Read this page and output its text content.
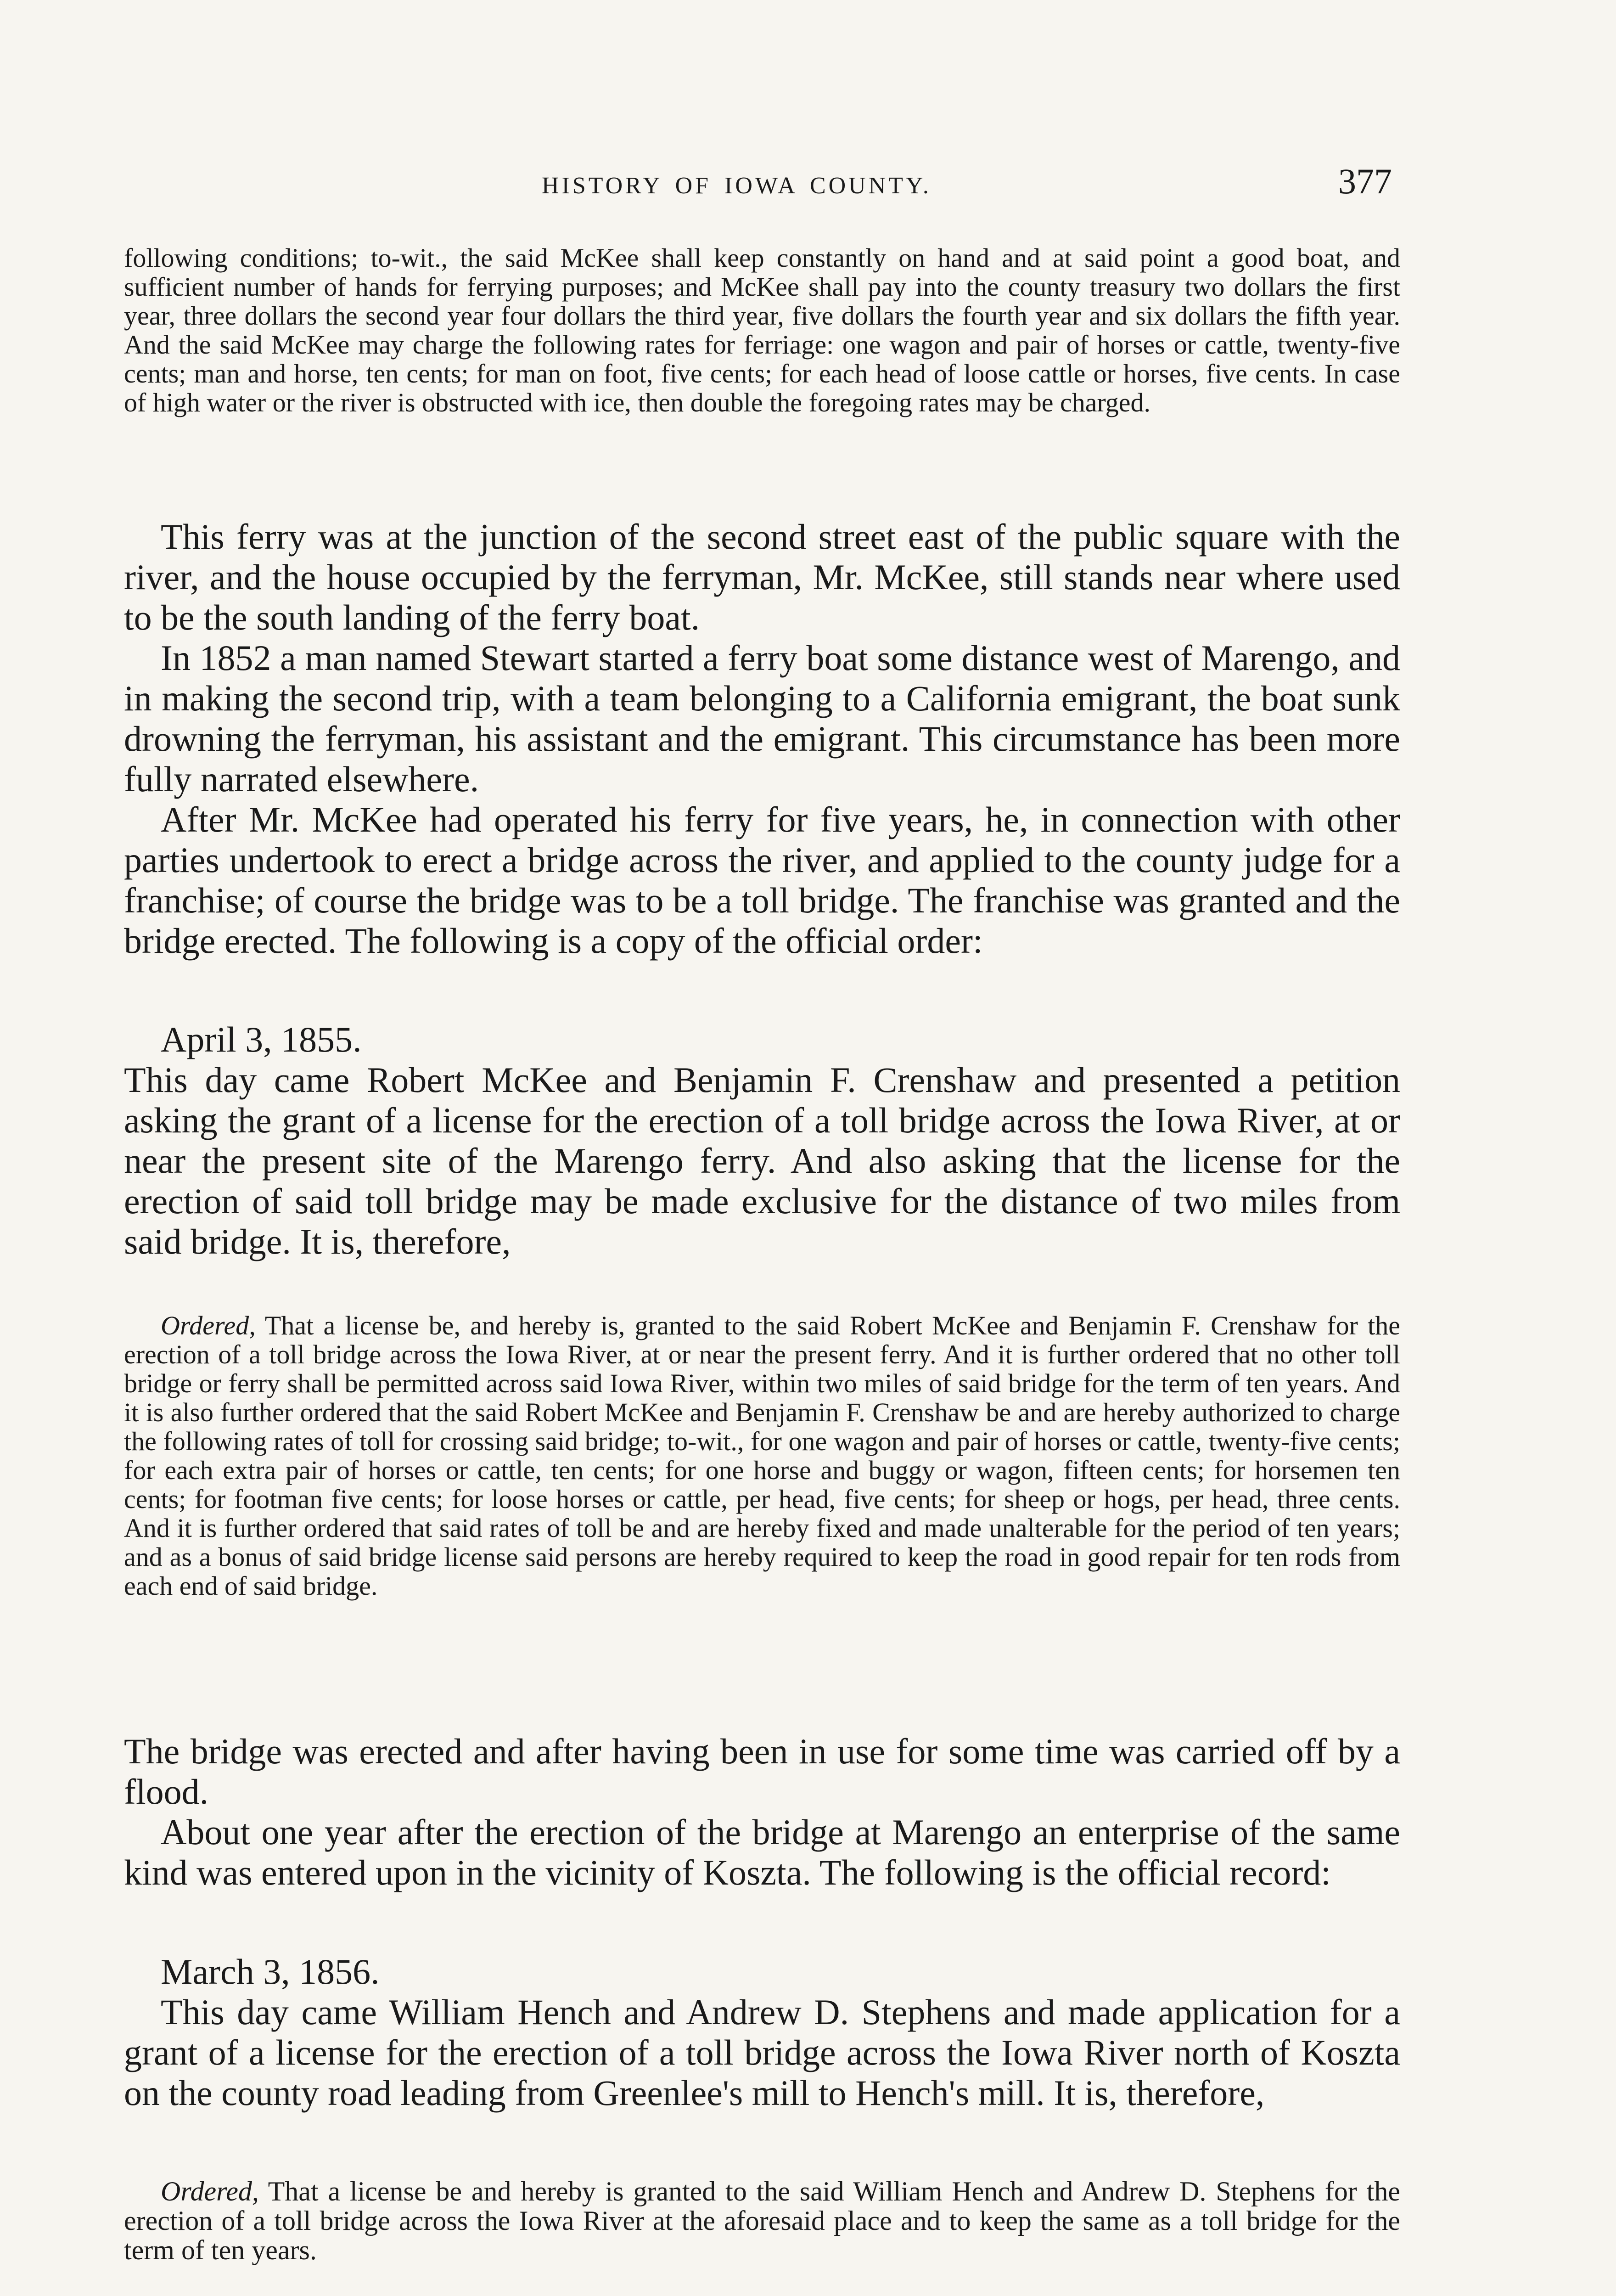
HISTORY OF IOWA COUNTY.	377

following conditions; to-wit., the said McKee shall keep constantly on hand and at said point a good boat, and sufficient number of hands for ferrying purposes; and McKee shall pay into the county treasury two dollars the first year, three dollars the second year four dollars the third year, five dollars the fourth year and six dollars the fifth year. And the said McKee may charge the following rates for ferriage: one wagon and pair of horses or cattle, twenty-five cents; man and horse, ten cents; for man on foot, five cents; for each head of loose cattle or horses, five cents. In case of high water or the river is obstructed with ice, then double the foregoing rates may be charged.

This ferry was at the junction of the second street east of the public square with the river, and the house occupied by the ferryman, Mr. McKee, still stands near where used to be the south landing of the ferry boat.

In 1852 a man named Stewart started a ferry boat some distance west of Marengo, and in making the second trip, with a team belonging to a California emigrant, the boat sunk drowning the ferryman, his assistant and the emigrant. This circumstance has been more fully narrated elsewhere.

After Mr. McKee had operated his ferry for five years, he, in connection with other parties undertook to erect a bridge across the river, and applied to the county judge for a franchise; of course the bridge was to be a toll bridge. The franchise was granted and the bridge erected. The following is a copy of the official order:

April 3, 1855.

This day came Robert McKee and Benjamin F. Crenshaw and presented a petition asking the grant of a license for the erection of a toll bridge across the Iowa River, at or near the present site of the Marengo ferry. And also asking that the license for the erection of said toll bridge may be made exclusive for the distance of two miles from said bridge. It is, therefore,

Ordered, That a license be, and hereby is, granted to the said Robert McKee and Benjamin F. Crenshaw for the erection of a toll bridge across the Iowa River, at or near the present ferry. And it is further ordered that no other toll bridge or ferry shall be permitted across said Iowa River, within two miles of said bridge for the term of ten years. And it is also further ordered that the said Robert McKee and Benjamin F. Crenshaw be and are hereby authorized to charge the following rates of toll for crossing said bridge; to-wit., for one wagon and pair of horses or cattle, twenty-five cents; for each extra pair of horses or cattle, ten cents; for one horse and buggy or wagon, fifteen cents; for horsemen ten cents; for footman five cents; for loose horses or cattle, per head, five cents; for sheep or hogs, per head, three cents. And it is further ordered that said rates of toll be and are hereby fixed and made unalterable for the period of ten years; and as a bonus of said bridge license said persons are hereby required to keep the road in good repair for ten rods from each end of said bridge.

The bridge was erected and after having been in use for some time was carried off by a flood.

About one year after the erection of the bridge at Marengo an enterprise of the same kind was entered upon in the vicinity of Koszta. The following is the official record:

March 3, 1856.

This day came William Hench and Andrew D. Stephens and made application for a grant of a license for the erection of a toll bridge across the Iowa River north of Koszta on the county road leading from Greenlee's mill to Hench's mill. It is, therefore,

Ordered, That a license be and hereby is granted to the said William Hench and Andrew D. Stephens for the erection of a toll bridge across the Iowa River at the aforesaid place and to keep the same as a toll bridge for the term of ten years.
